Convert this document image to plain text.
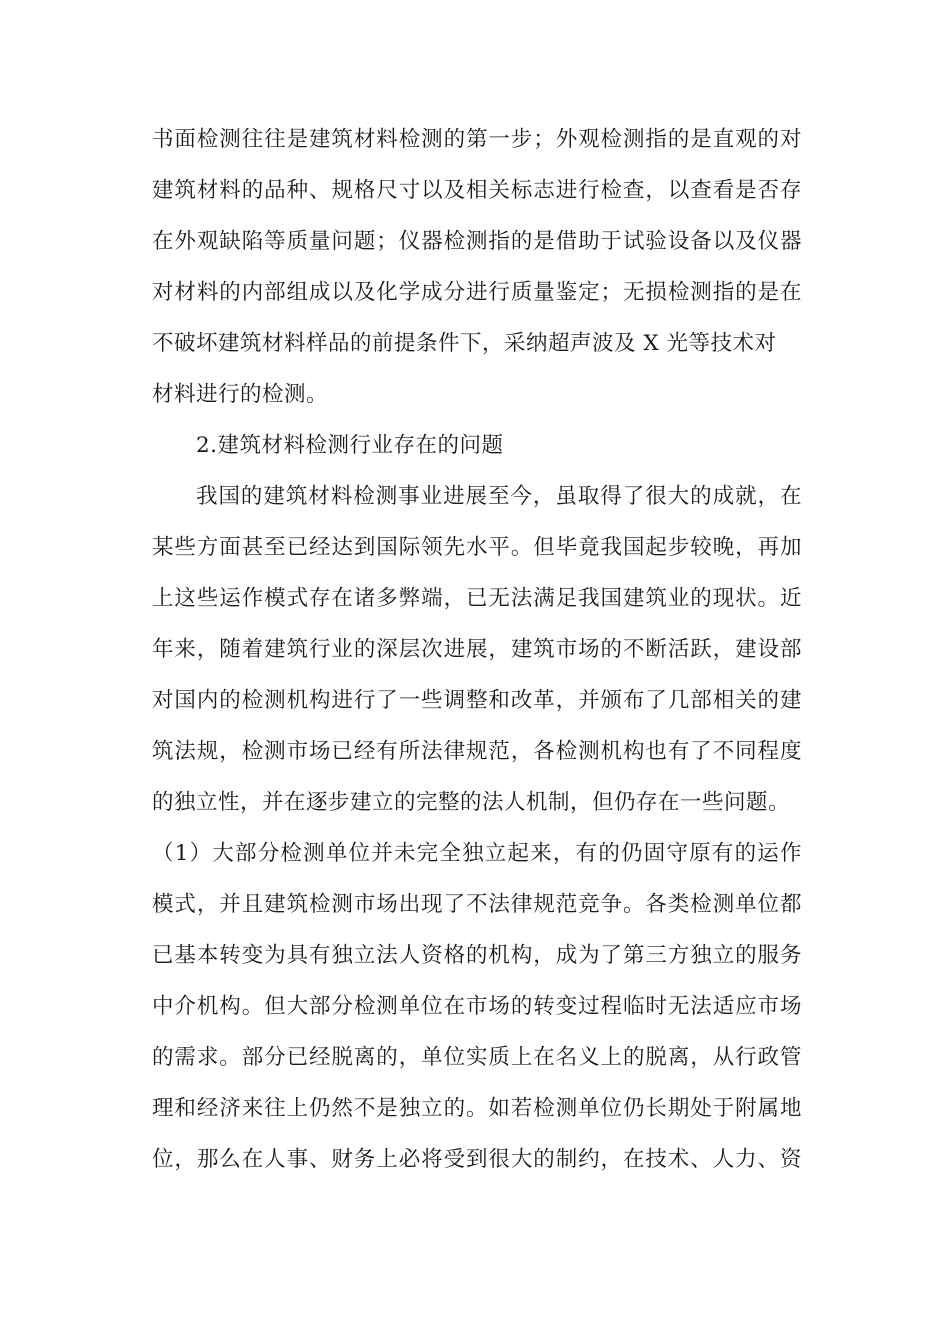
书面检测往往是建筑材料检测的第一步；外观检测指的是直观的对

建筑材料的品种、规格尺寸以及相关标志进行检查，以查看是否存

在外观缺陷等质量问题；仪器检测指的是借助于试验设备以及仪器

对材料的内部组成以及化学成分进行质量鉴定；无损检测指的是在

不破坏建筑材料样品的前提条件下，采纳超声波及 X 光等技术对

材料进行的检测。

2.建筑材料检测行业存在的问题

我国的建筑材料检测事业进展至今，虽取得了很大的成就，在

某些方面甚至已经达到国际领先水平。但毕竟我国起步较晚，再加

上这些运作模式存在诸多弊端，已无法满足我国建筑业的现状。近

年来，随着建筑行业的深层次进展，建筑市场的不断活跃，建设部

对国内的检测机构进行了一些调整和改革，并颁布了几部相关的建

筑法规，检测市场已经有所法律规范，各检测机构也有了不同程度

的独立性，并在逐步建立的完整的法人机制，但仍存在一些问题。

（1）大部分检测单位并未完全独立起来，有的仍固守原有的运作

模式，并且建筑检测市场出现了不法律规范竞争。各类检测单位都

已基本转变为具有独立法人资格的机构，成为了第三方独立的服务

中介机构。但大部分检测单位在市场的转变过程临时无法适应市场

的需求。部分已经脱离的，单位实质上在名义上的脱离，从行政管

理和经济来往上仍然不是独立的。如若检测单位仍长期处于附属地

位，那么在人事、财务上必将受到很大的制约，在技术、人力、资
